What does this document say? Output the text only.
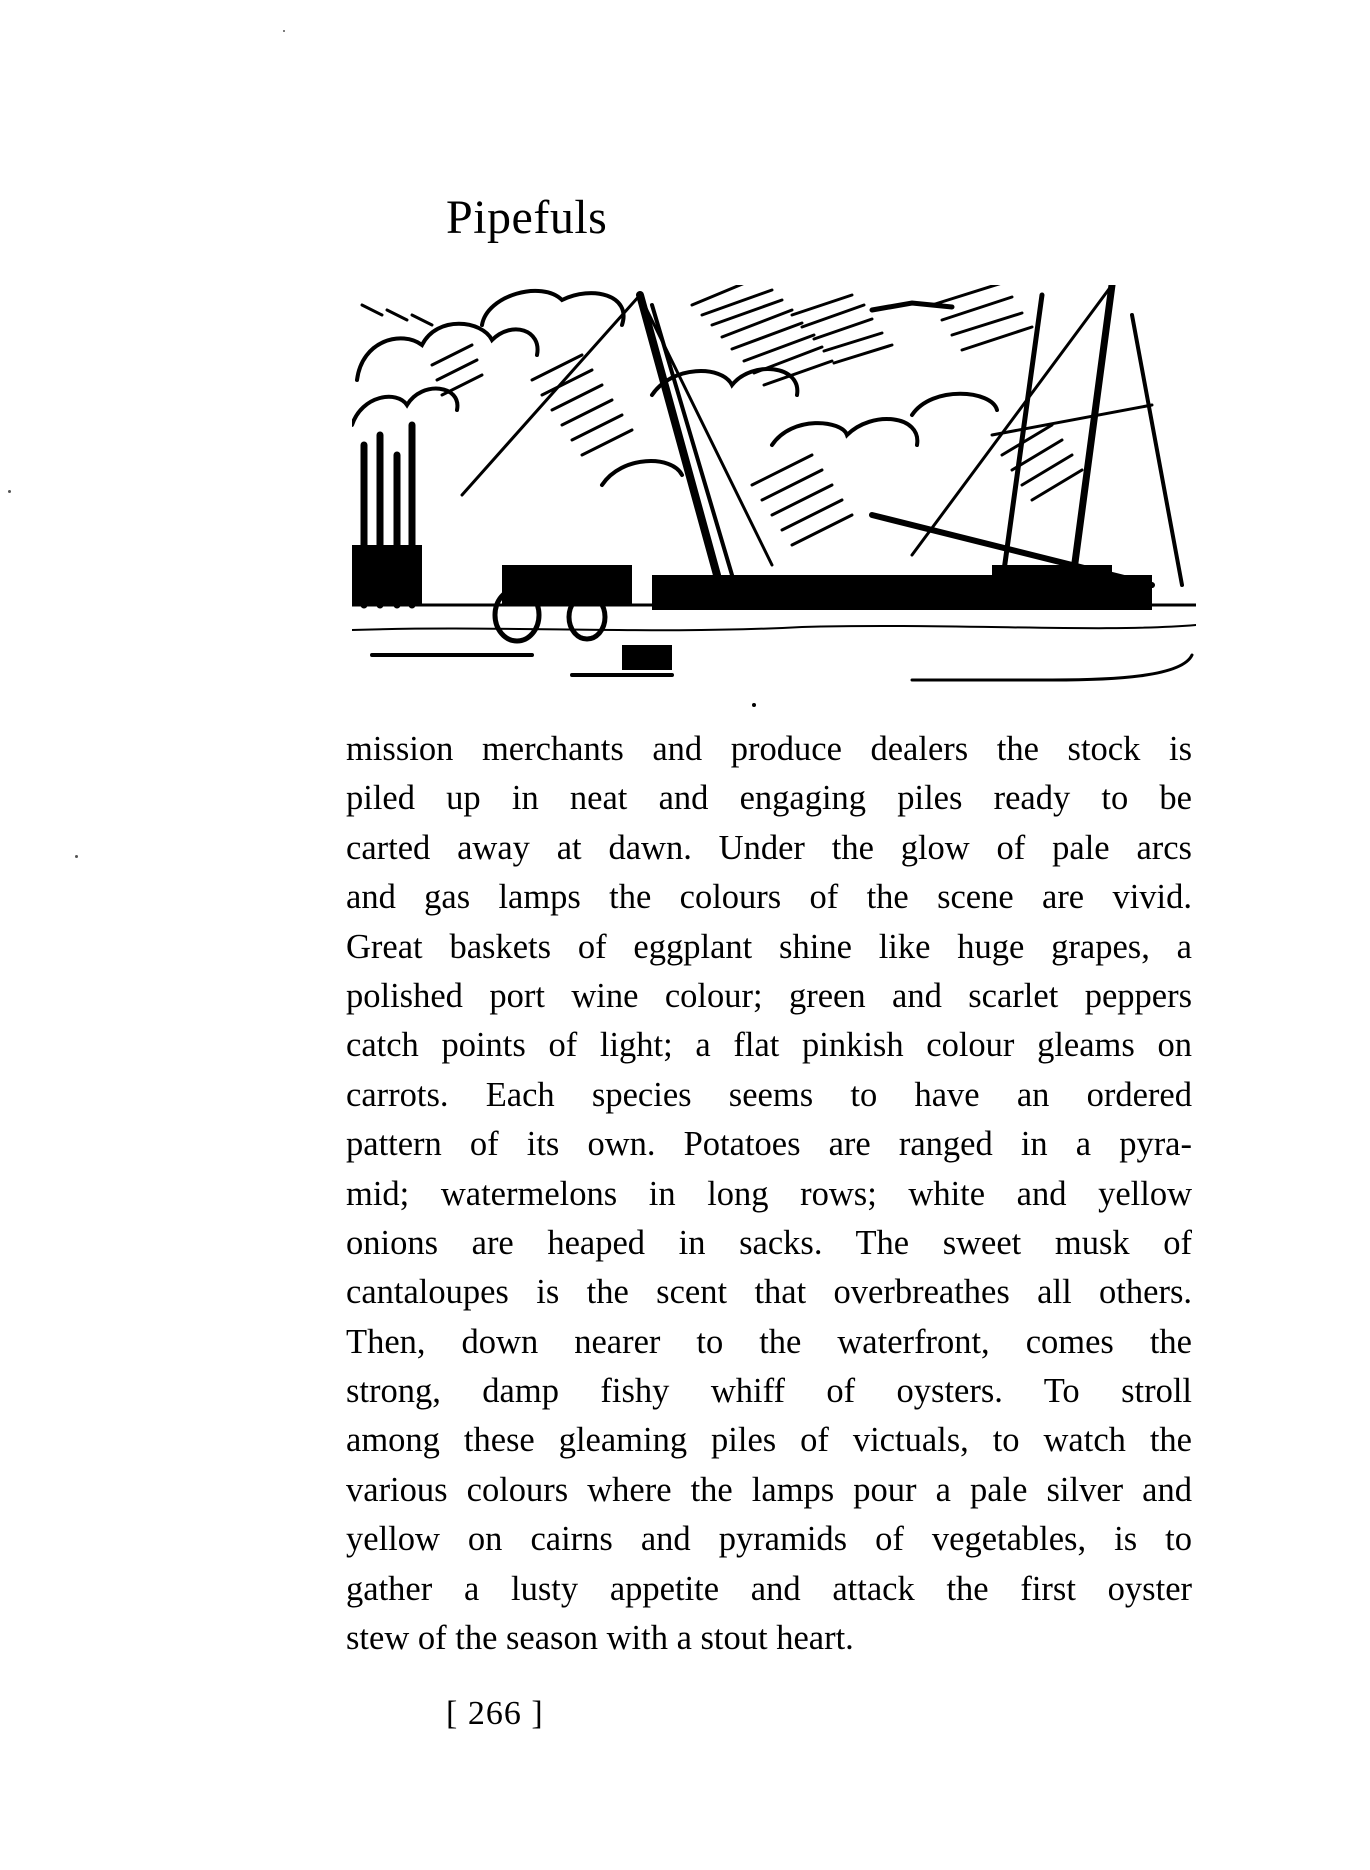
Pipefuls
mission merchants and produce dealers the stock is
piled up in neat and engaging piles ready to be
carted away at dawn. Under the glow of pale arcs
and gas lamps the colours of the scene are vivid.
Great baskets of eggplant shine like huge grapes, a
polished port wine colour; green and scarlet peppers
catch points of light; a flat pinkish colour gleams on
carrots. Each species seems to have an ordered
pattern of its own. Potatoes are ranged in a pyra-
mid; watermelons in long rows; white and yellow
onions are heaped in sacks. The sweet musk of
cantaloupes is the scent that overbreathes all others.
Then, down nearer to the waterfront, comes the
strong, damp fishy whiff of oysters. To stroll
among these gleaming piles of victuals, to watch the
various colours where the lamps pour a pale silver and
yellow on cairns and pyramids of vegetables, is to
gather a lusty appetite and attack the first oyster
stew of the season with a stout heart.
[ 266 ]
